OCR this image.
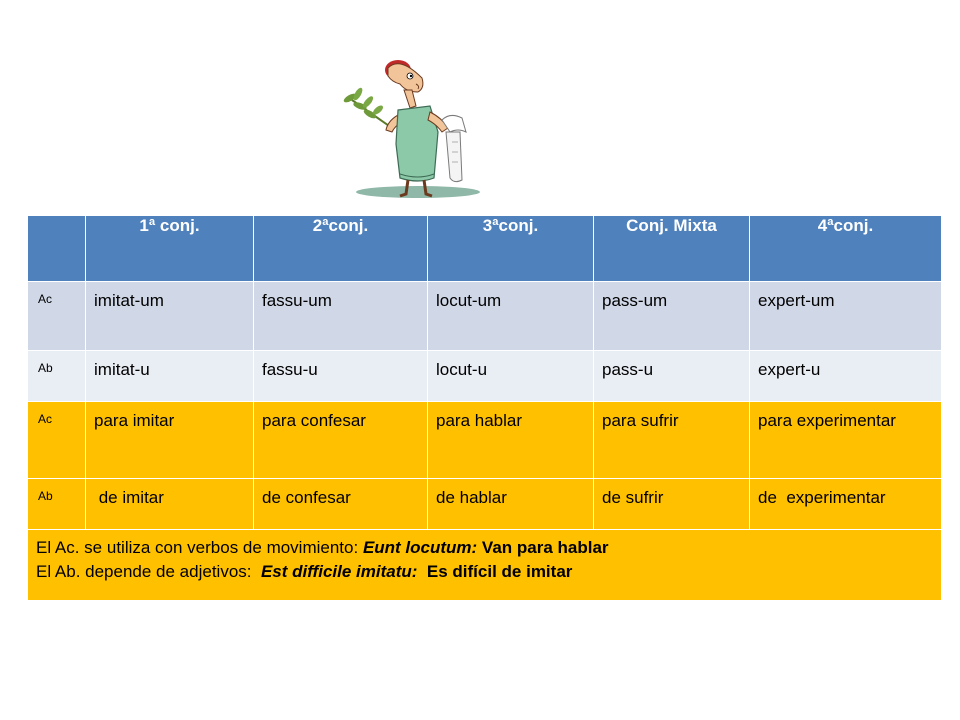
	1ª conj.	2ªconj.	3ªconj.	Conj. Mixta	4ªconj.
Ac	imitat-um	fassu-um	locut-um	pass-um	expert-um
Ab	imitat-u	fassu-u	locut-u	pass-u	expert-u
Ac	para imitar	para confesar	para hablar	para sufrir	para experimentar
Ab	de imitar	de confesar	de hablar	de sufrir	de  experimentar

El Ac. se utiliza con verbos de movimiento: Eunt locutum: Van para hablar
El Ab. depende de adjetivos:  Est difficile imitatu:  Es difícil de imitar					
